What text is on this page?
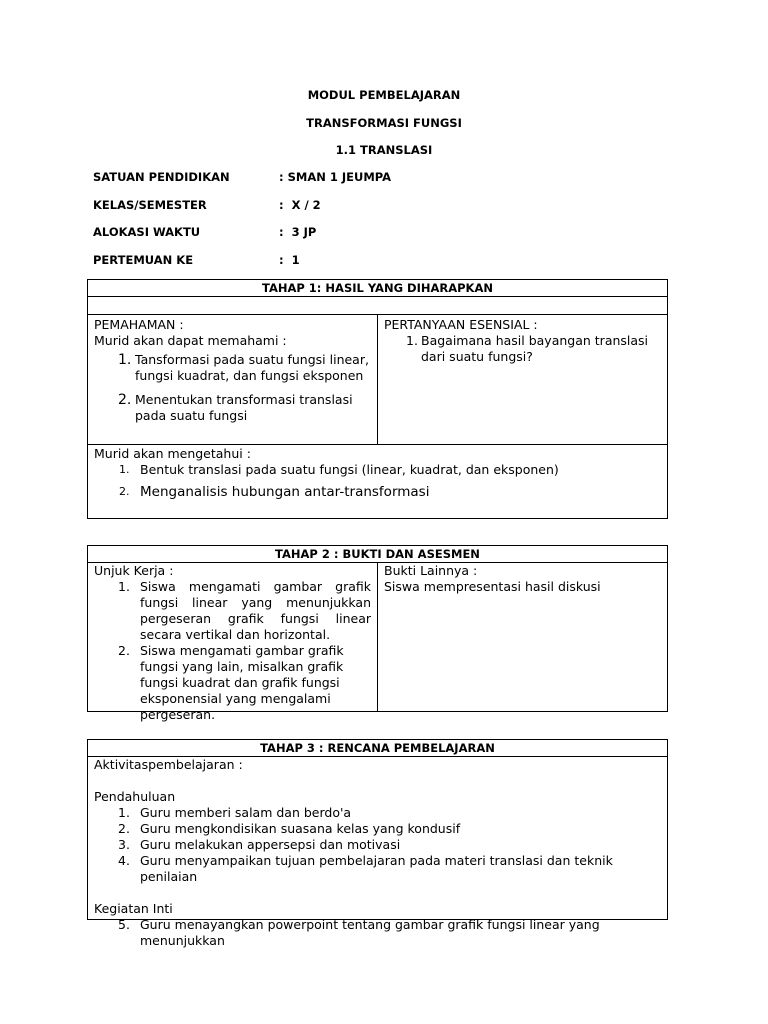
MODUL PEMBELAJARAN
TRANSFORMASI FUNGSI
1.1 TRANSLASI
SATUAN PENDIDIKAN	: SMAN 1 JEUMPA
KELAS/SEMESTER	:  X / 2
ALOKASI WAKTU	:  3 JP
PERTEMUAN KE	:  1
TAHAP 1: HASIL YANG DIHARAPKAN
PEMAHAMAN :
Murid akan dapat memahami :
1. Tansformasi pada suatu fungsi linear, fungsi kuadrat, dan fungsi eksponen
2. Menentukan transformasi translasi pada suatu fungsi
PERTANYAAN ESENSIAL :
1. Bagaimana hasil bayangan translasi dari suatu fungsi?
Murid akan mengetahui :
1. Bentuk translasi pada suatu fungsi (linear, kuadrat, dan eksponen)
2. Menganalisis hubungan antar-transformasi
TAHAP 2 : BUKTI DAN ASESMEN
Unjuk Kerja :
1. Siswa mengamati gambar grafik fungsi linear yang menunjukkan pergeseran grafik fungsi linear secara vertikal dan horizontal.
2. Siswa mengamati gambar grafik fungsi yang lain, misalkan grafik fungsi kuadrat dan grafik fungsi eksponensial yang mengalami pergeseran.
Bukti Lainnya :
Siswa mempresentasi hasil diskusi
TAHAP 3 : RENCANA PEMBELAJARAN
Aktivitaspembelajaran :
Pendahuluan
1. Guru memberi salam dan berdo'a
2. Guru mengkondisikan suasana kelas yang kondusif
3. Guru melakukan appersepsi dan motivasi
4. Guru menyampaikan tujuan pembelajaran pada materi translasi dan teknik penilaian
Kegiatan Inti
5. Guru menayangkan powerpoint tentang gambar grafik fungsi linear yang menunjukkan
